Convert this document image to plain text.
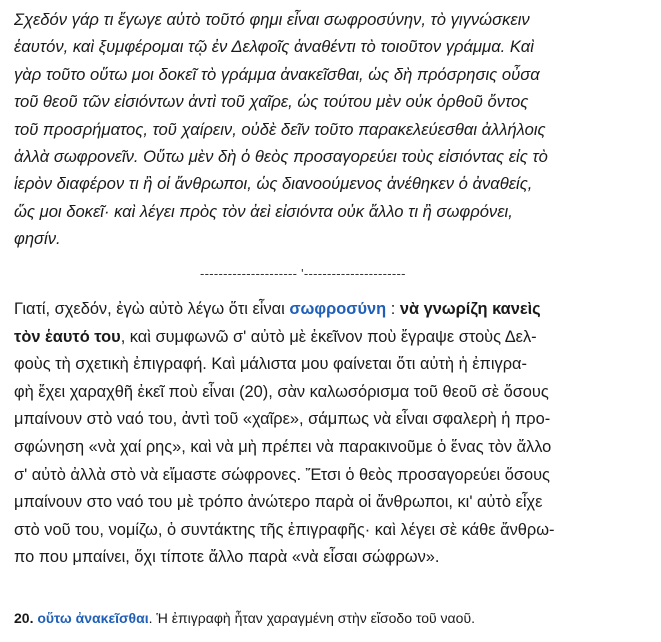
Σχεδόν γάρ τι ἔγωγε αὐτὸ τοῦτό φημι εἶναι σωφροσύνην, τὸ γιγνώσκειν
ἑαυτόν, καὶ ξυμφέρομαι τῷ ἐν Δελφοῖς ἀναθέντι τὸ τοιοῦτον γράμμα. Καὶ
γὰρ τοῦτο οὕτω μοι δοκεῖ τὸ γράμμα ἀνακεῖσθαι, ὡς δὴ πρόσρησις οὖσα
τοῦ θεοῦ τῶν εἰσιόντων ἀντὶ τοῦ χαῖρε, ὡς τούτου μὲν οὐκ ὀρθοῦ ὄντος
τοῦ προσρήματος, τοῦ χαίρειν, οὐδὲ δεῖν τοῦτο παρακελεύεσθαι ἀλλήλοις
ἀλλὰ σωφρονεῖν. Οὕτω μὲν δὴ ὁ θεὸς προσαγορεύει τοὺς εἰσιόντας εἰς τὸ
ἱερὸν διαφέρον τι ἢ οἱ ἄνθρωποι, ὡς διανοούμενος ἀνέθηκεν ὁ ἀναθείς,
ὥς μοι δοκεῖ· καὶ λέγει πρὸς τὸν ἀεὶ εἰσιόντα οὐκ ἄλλο τι ἢ σωφρόνει,
φησίν.
--------------------- '----------------------
Γιατί, σχεδόν, ἐγὼ αὐτὸ λέγω ὅτι εἶναι σωφροσύνη : νὰ γνωρίζη κανεὶς
τὸν ἑαυτό του, καὶ συμφωνῶ σ' αὐτὸ μὲ ἐκεῖνον ποὺ ἔγραψε στοὺς Δελ-
φοὺς τὴ σχετικὴ ἐπιγραφή. Καὶ μάλιστα μου φαίνεται ὅτι αὐτὴ ἡ ἐπιγρα-
φὴ ἔχει χαραχθῆ ἐκεῖ ποὺ εἶναι (20), σὰν καλωσόρισμα τοῦ θεοῦ σὲ ὅσους
μπαίνουν στὸ ναό του, ἀντὶ τοῦ «χαῖρε», σάμπως νὰ εἶναι σφαλερὴ ἡ προ-
σφώνηση «νὰ χαί ρης», καὶ νὰ μὴ πρέπει νὰ παρακινοῦμε ὁ ἕνας τὸν ἄλλο
σ' αὐτὸ ἀλλὰ στὸ νὰ εἴμαστε σώφρονες. Ἔτσι ὁ θεὸς προσαγορεύει ὅσους
μπαίνουν στο ναό του μὲ τρόπο ἀνώτερο παρὰ οἱ ἄνθρωποι, κι' αὐτὸ εἶχε
στὸ νοῦ του, νομίζω, ὁ συντάκτης τῆς ἐπιγραφῆς· καὶ λέγει σὲ κάθε ἄνθρω-
πο που μπαίνει, ὅχι τίποτε ἄλλο παρὰ «νὰ εἶσαι σώφρων».
20. οὕτω ἀνακεῖσθαι. Ἡ ἐπιγραφὴ ἦταν χαραγμένη στὴν εἴσοδο τοῦ ναοῦ.
